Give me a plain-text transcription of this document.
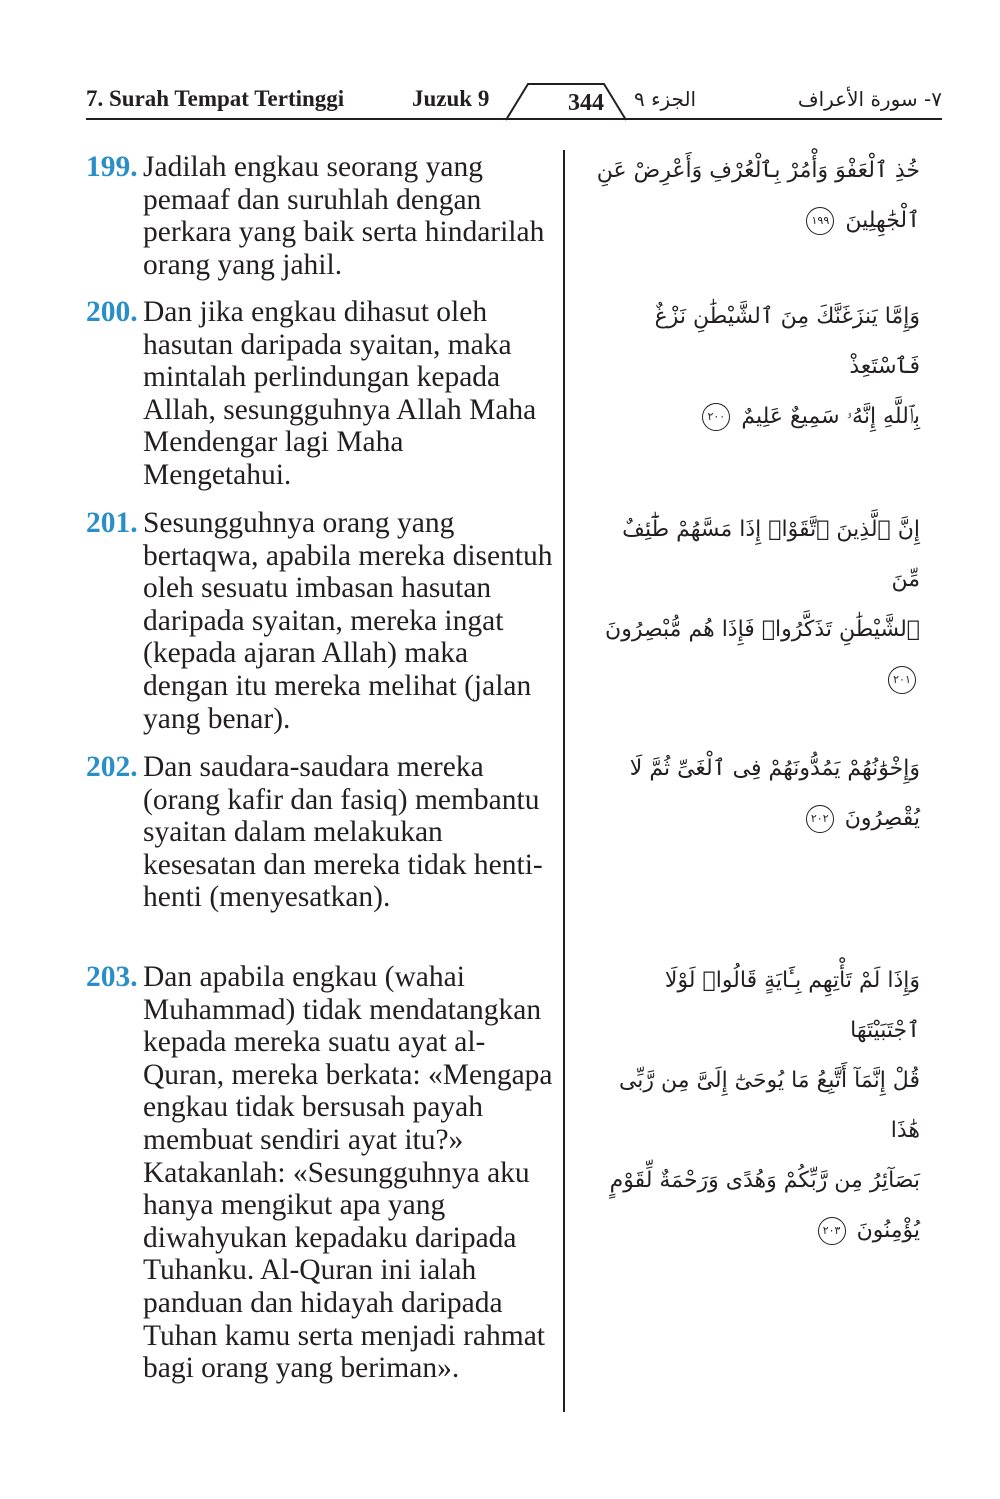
7. Surah Tempat Tertinggi	Juzuk 9	344	الجزء ٩	٧- سورة الأعراف
199. Jadilah engkau seorang yang pemaaf dan suruhlah dengan perkara yang baik serta hindarilah orang yang jahil.
خُذِ ٱلْعَفْوَ وَأْمُرْ بِٱلْعُرْفِ وَأَعْرِضْ عَنِ
ٱلْجَٰهِلِينَ ١٩٩
200. Dan jika engkau dihasut oleh hasutan daripada syaitan, maka mintalah perlindungan kepada Allah, sesungguhnya Allah Maha Mendengar lagi Maha Mengetahui.
وَإِمَّا يَنزَغَنَّكَ مِنَ ٱلشَّيْطَٰنِ نَزْغٌ فَٱسْتَعِذْ
بِٱللَّهِ إِنَّهُۥ سَمِيعٌ عَلِيمٌ ٢٠٠
201. Sesungguhnya orang yang bertaqwa, apabila mereka disentuh oleh sesuatu imbasan hasutan daripada syaitan, mereka ingat (kepada ajaran Allah) maka dengan itu mereka melihat (jalan yang benar).
إِنَّ ٱلَّذِينَ ٱتَّقَوْا۟ إِذَا مَسَّهُمْ طَٰٓئِفٌ مِّنَ
ٱلشَّيْطَٰنِ تَذَكَّرُوا۟ فَإِذَا هُم مُّبْصِرُونَ ٢٠١
202. Dan saudara-saudara mereka (orang kafir dan fasiq) membantu syaitan dalam melakukan kesesatan dan mereka tidak henti-henti (menyesatkan).
وَإِخْوَٰنُهُمْ يَمُدُّونَهُمْ فِى ٱلْغَىِّ ثُمَّ لَا
يُقْصِرُونَ ٢٠٢
203. Dan apabila engkau (wahai Muhammad) tidak mendatangkan kepada mereka suatu ayat al-Quran, mereka berkata: «Mengapa engkau tidak bersusah payah membuat sendiri ayat itu?» Katakanlah: «Sesungguhnya aku hanya mengikut apa yang diwahyukan kepadaku daripada Tuhanku. Al-Quran ini ialah panduan dan hidayah daripada Tuhan kamu serta menjadi rahmat bagi orang yang beriman».
وَإِذَا لَمْ تَأْتِهِم بِـَٔايَةٍ قَالُوا۟ لَوْلَا ٱجْتَبَيْتَهَا
قُلْ إِنَّمَآ أَتَّبِعُ مَا يُوحَىٰٓ إِلَىَّ مِن رَّبِّى هَٰذَا
بَصَآئِرُ مِن رَّبِّكُمْ وَهُدًى وَرَحْمَةٌ لِّقَوْمٍ
يُؤْمِنُونَ ٢٠٣
